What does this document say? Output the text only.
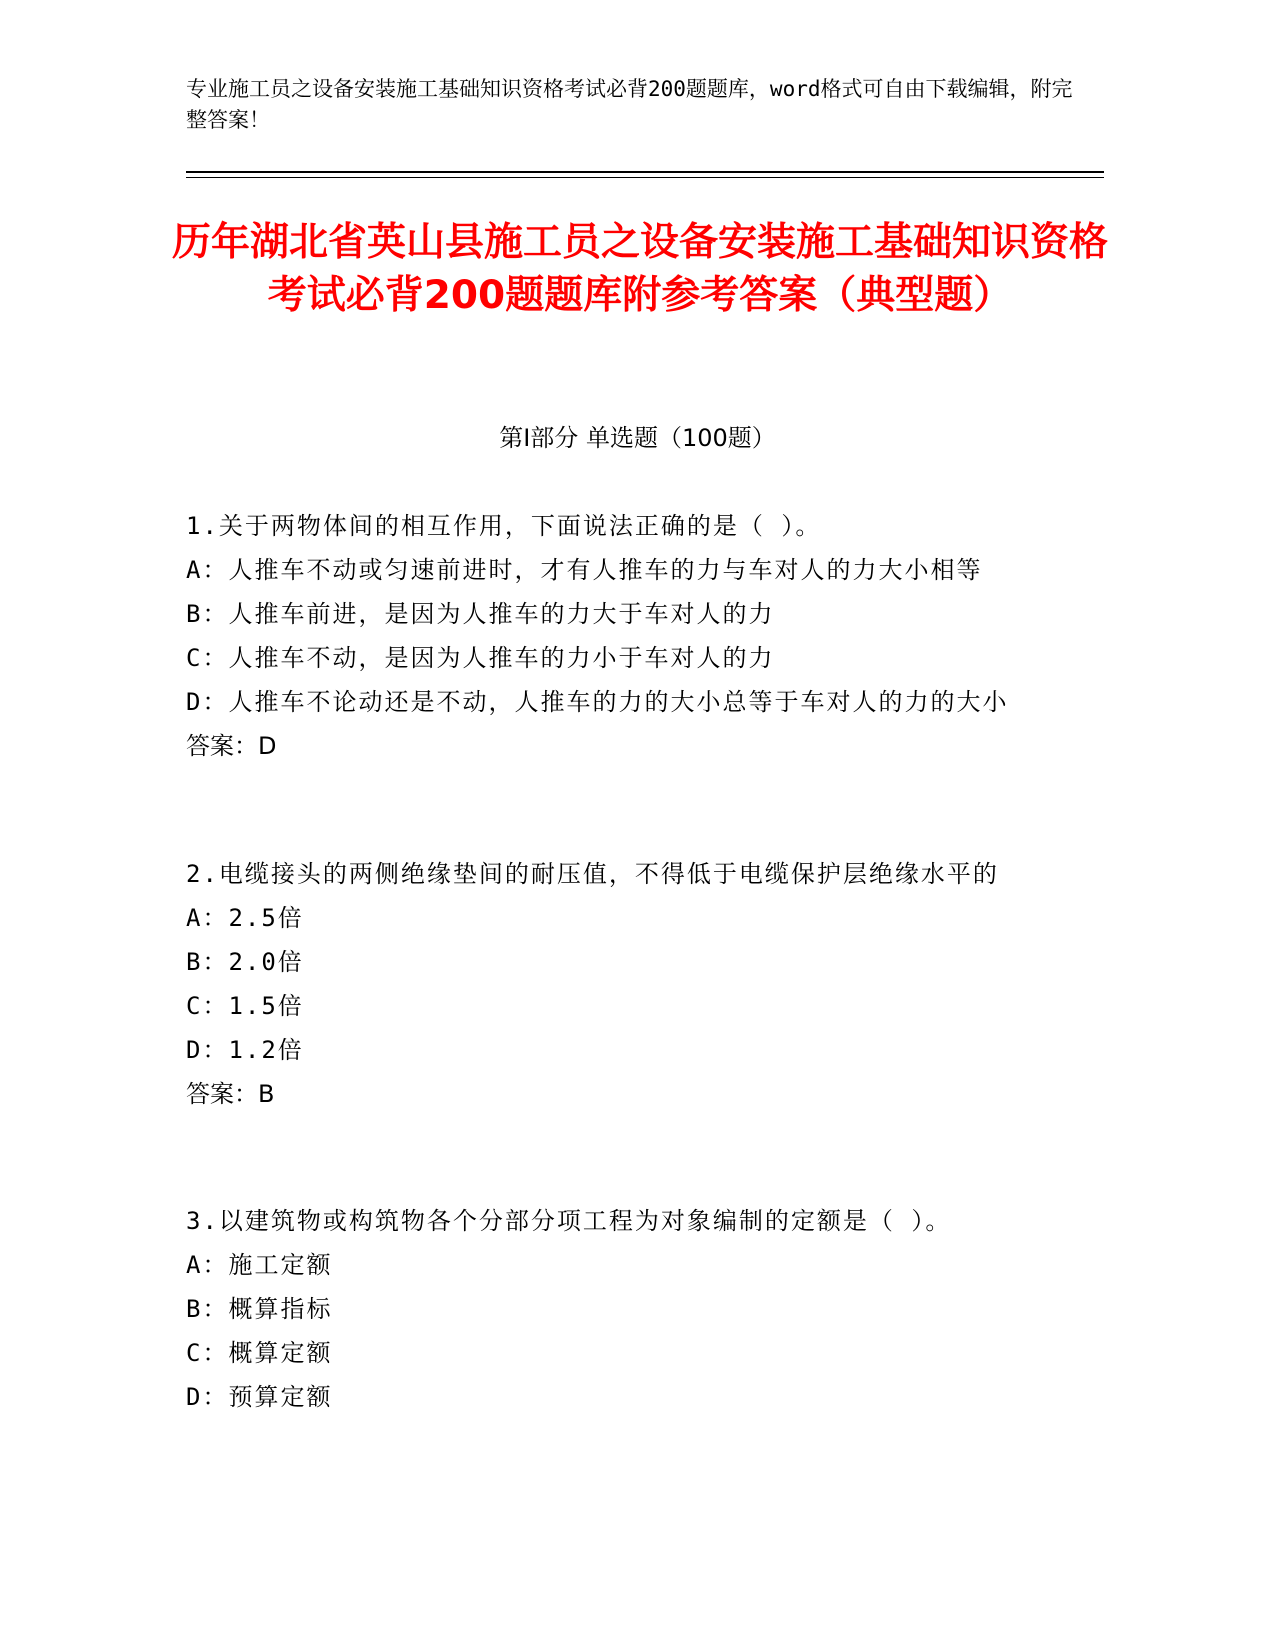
专业施工员之设备安装施工基础知识资格考试必背200题题库，word格式可自由下载编辑，附完整答案！

历年湖北省英山县施工员之设备安装施工基础知识资格考试必背200题题库附参考答案（典型题）
第Ⅰ部分 单选题（100题）

1.关于两物体间的相互作用，下面说法正确的是（ ）。

A：人推车不动或匀速前进时，才有人推车的力与车对人的力大小相等

B：人推车前进，是因为人推车的力大于车对人的力

C：人推车不动，是因为人推车的力小于车对人的力

D：人推车不论动还是不动，人推车的力的大小总等于车对人的力的大小

答案：D

2.电缆接头的两侧绝缘垫间的耐压值，不得低于电缆保护层绝缘水平的

A：2.5倍

B：2.0倍

C：1.5倍

D：1.2倍

答案：B

3.以建筑物或构筑物各个分部分项工程为对象编制的定额是（ ）。

A：施工定额

B：概算指标

C：概算定额

D：预算定额
